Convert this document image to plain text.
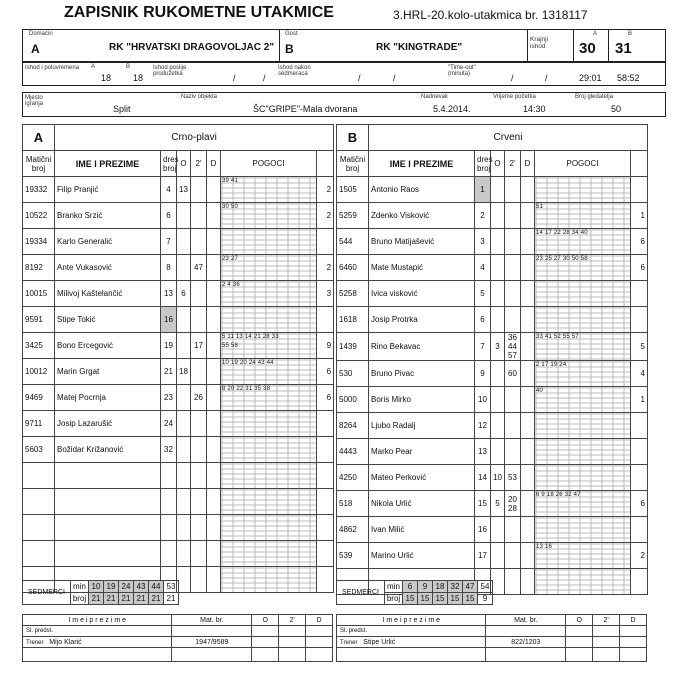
ZAPISNIK RUKOMETNE UTAKMICE	3.HRL-20.kolo-utakmica br. 1318117
Domaćin
A	RK "HRVATSKI DRAGOVOLJAC 2"
Gost
B	RK "KINGTRADE"
Krajnji ishod
A
30
B
31
Ishod i poluvremena	A
18
B
18
Ishod poslije produžetka	/	/
Ishod nakon sedmeraca	/	/
"Time-out" (minuta)	/	/	29:01 58:52
Mjesto igranja	Split
Naziv objekta
ŠC"GRIPE"-Mala dvorana
Nadnevak
5.4.2014.
Vrijeme početka
14:30
Broj gledatelja
50
A	Crno-plavi						
Matični broj	IME I PREZIME	dres broj	O	2'	D	POGOCI	
19332	Filip Pranjić	4	13			39 41	2
10522	Branko Srzić	6				30 50	2
19334	Karlo Generalić	7				

8192	Ante Vukasović	8		47		23 27	2
10015	Milivoj Kaštelančić	13	6			2 4 36	3
9591	Stipe Tokić	16				

3425	Bono Ercegović	19		17		5 11 13 14 21 28 33
55 58	9
10012	Marin Grgat	21	18			10 19 20 24 43 44	6
9469	Matej Pocrnja	23		26		8 20 22 31 35 38	6
9711	Josip Lazarušić	24				

5603	Božidar Križanović	32				

B	Crveni						
Matični broj	IME I PREZIME	dres broj	O	2'	D	POGOCI	
1505	Antonio Raos	1				

5259	Zdenko Visković	2				51	1
544	Bruno Matijašević	3				14 17 22 28 34 40	6
6460	Mate Mustapić	4				23 25 27 30 50 58	6
5258	Ivica visković	5				

1618	Josip Protrka	6				

1439	Rino Bekavac	7	3	36 44 57		33 41 52 55 57	5
530	Bruno Pivac	9		60		2 17 19 24	4
5000	Boris Mirko	10				40	1
8264	Ljubo Radalj	12				

4443	Marko Pear	13				

4250	Mateo Perković	14	10	53		

518	Nikola Urlić	15	5	20 28		6 9 18 26 32 47	6
4862	Ivan Milić	16				

539	Marino Urlić	17				13 16	2

SEDMERCI	min	10	19	24	43	44	53
	broj	21	21	21	21	21	21
SEDMERCI	min	6	9	18	32	47	54
	broj	15	15	15	15	15	9
I m e i p r e z i m e	Mat. br.	O	2'	D
Sl. predst.				
Trener Mijo Klarić	1947/9589			

I m e i p r e z i m e	Mat. br.	O	2'	D
Sl. predst.				
Trener Stipe Urlić	822/1203			
